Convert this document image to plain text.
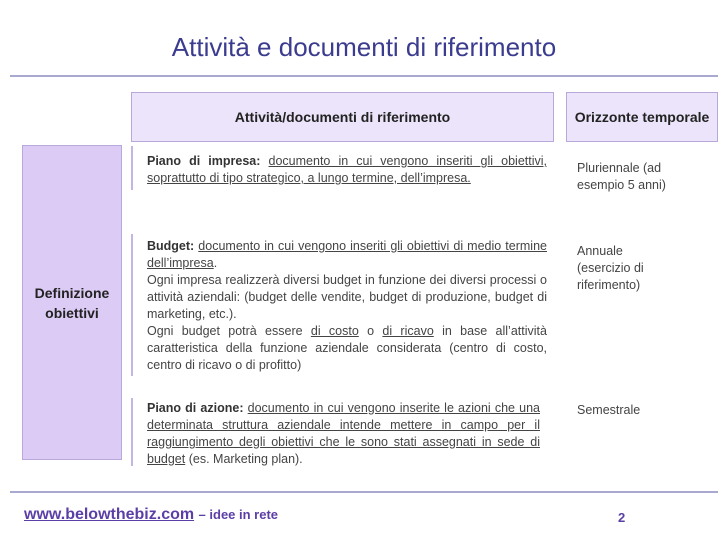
Attività e documenti di riferimento
Attività/documenti di riferimento	Orizzonte temporale
Definizione obiettivi
Piano di impresa: documento in cui vengono inseriti gli obiettivi, soprattutto di tipo strategico, a lungo termine, dell’impresa.
Pluriennale (ad esempio 5 anni)
Budget: documento in cui vengono inseriti gli obiettivi di medio termine dell’impresa.
Ogni impresa realizzerà diversi budget in funzione dei diversi processi o attività aziendali: (budget delle vendite, budget di produzione, budget di marketing, etc.).
Ogni budget potrà essere di costo o di ricavo in base all’attività caratteristica della funzione aziendale considerata (centro di costo, centro di ricavo o di profitto)
Annuale (esercizio di riferimento)
Piano di azione: documento in cui vengono inserite le azioni che una determinata struttura aziendale intende mettere in campo per il raggiungimento degli obiettivi che le sono stati assegnati in sede di budget (es. Marketing plan).
Semestrale
www.belowthebiz.com – idee in rete	2
